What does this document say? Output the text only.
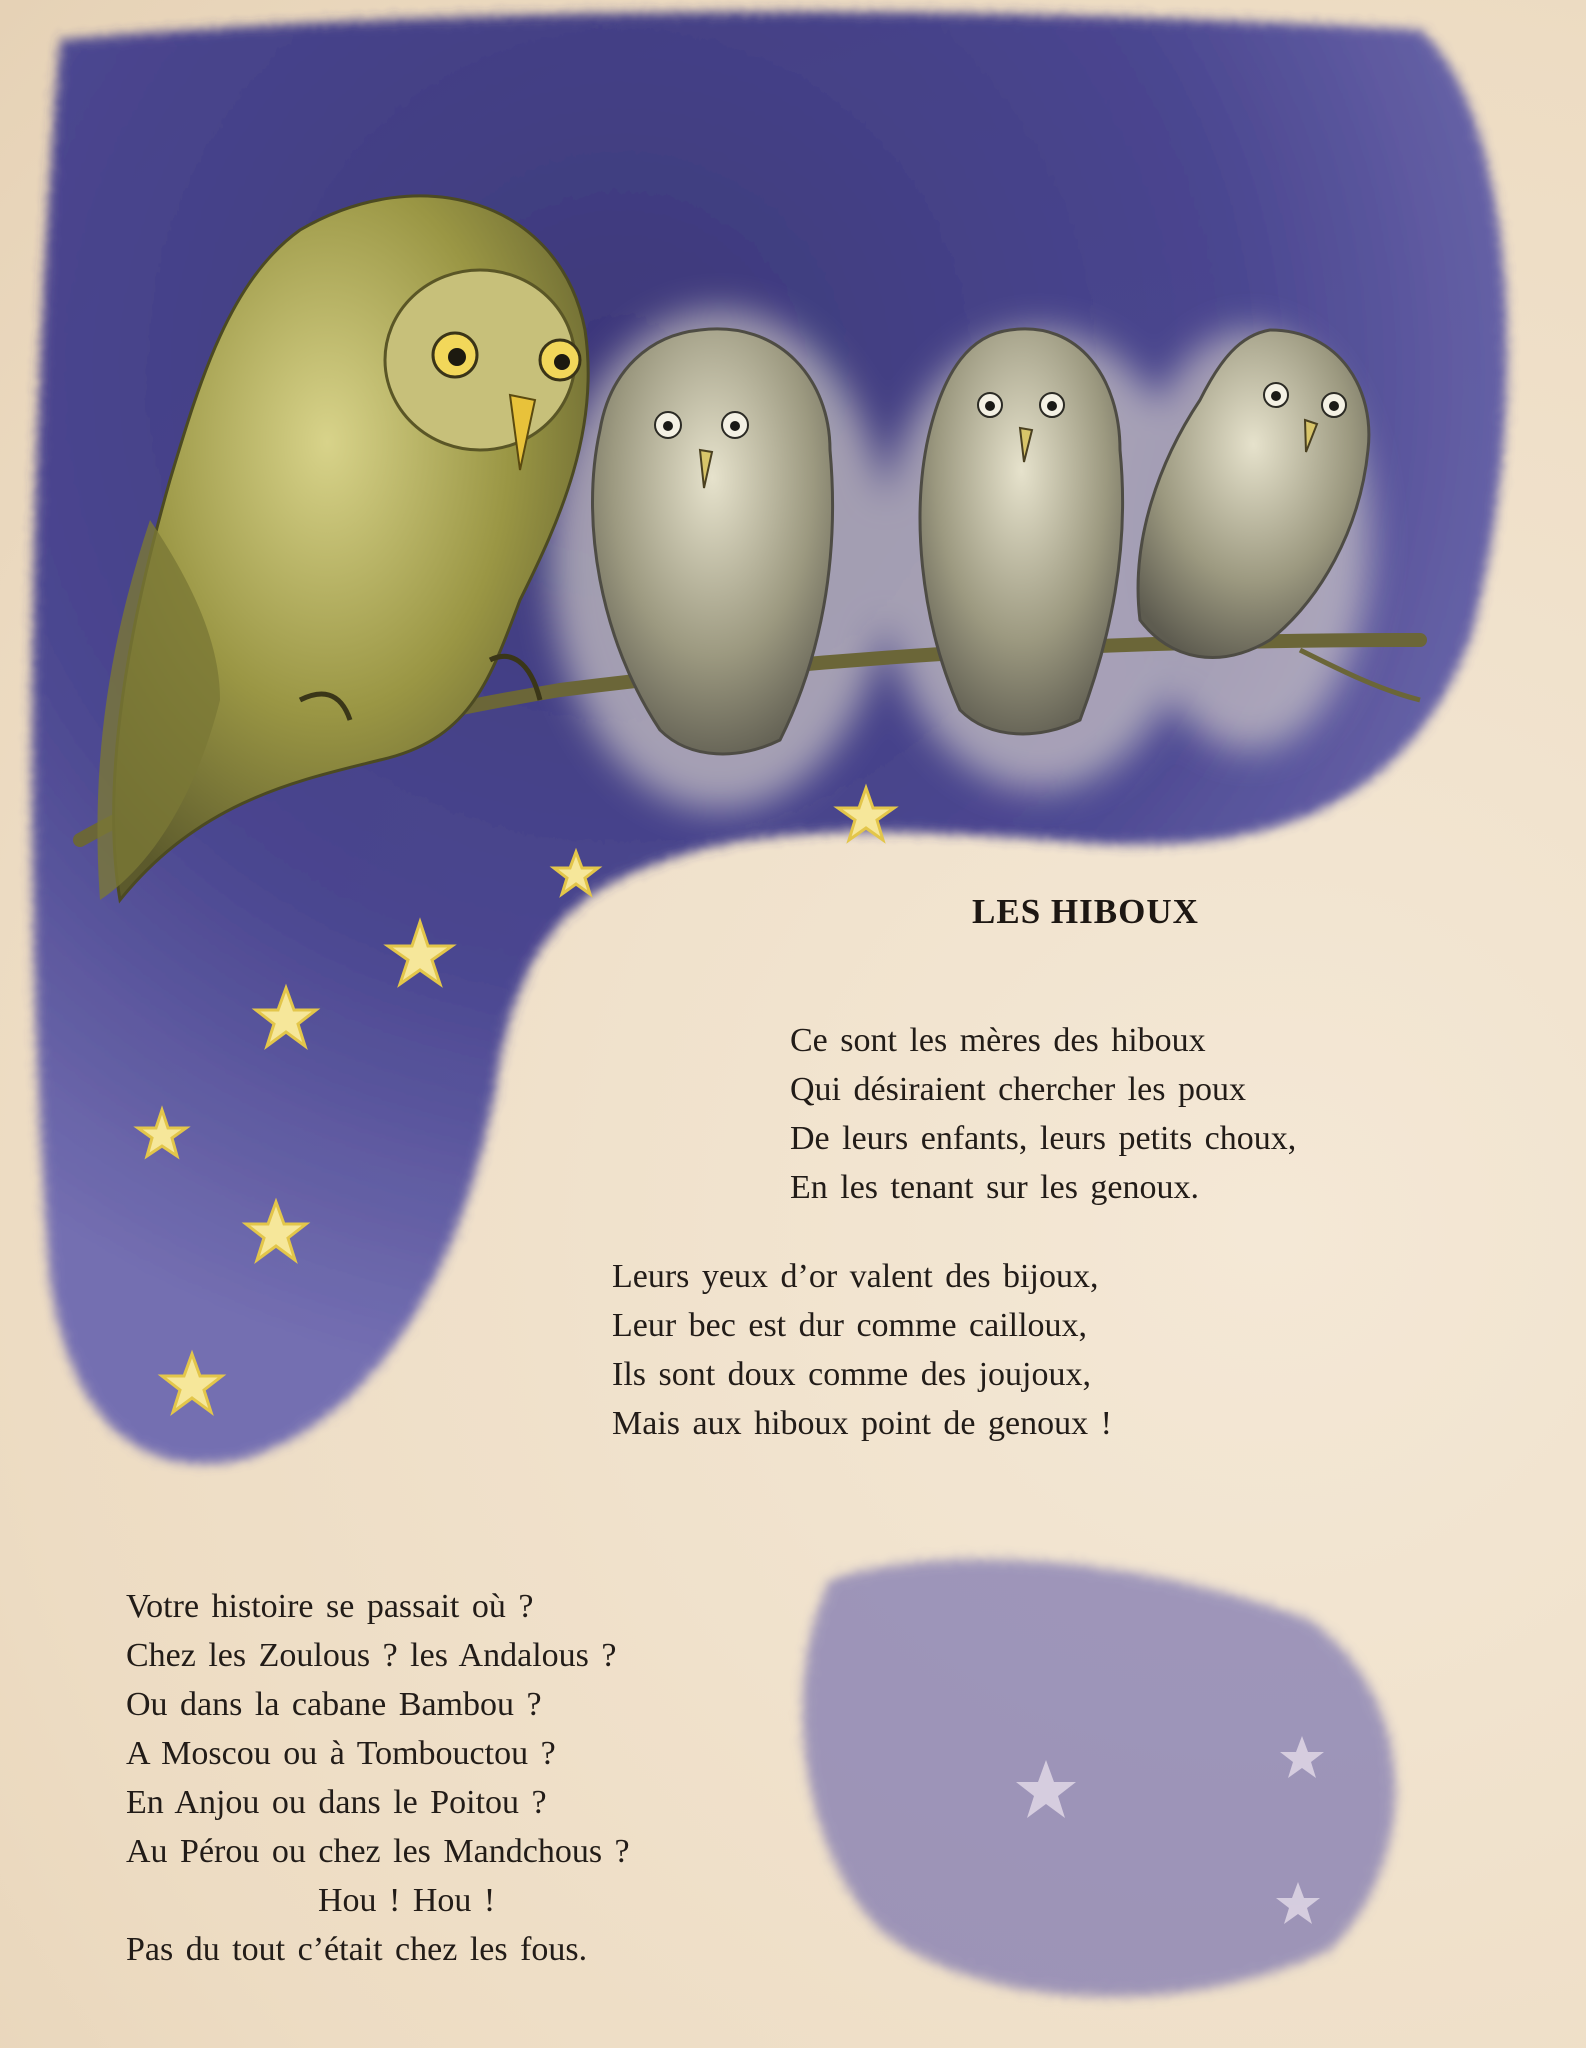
LES HIBOUX
Ce sont les mères des hiboux
Qui désiraient chercher les poux
De leurs enfants, leurs petits choux,
En les tenant sur les genoux.
Leurs yeux d’or valent des bijoux,
Leur bec est dur comme cailloux,
Ils sont doux comme des joujoux,
Mais aux hiboux point de genoux !
Votre histoire se passait où ?
Chez les Zoulous ? les Andalous ?
Ou dans la cabane Bambou ?
A Moscou ou à Tombouctou ?
En Anjou ou dans le Poitou ?
Au Pérou ou chez les Mandchous ?
Hou ! Hou !
Pas du tout c’était chez les fous.
